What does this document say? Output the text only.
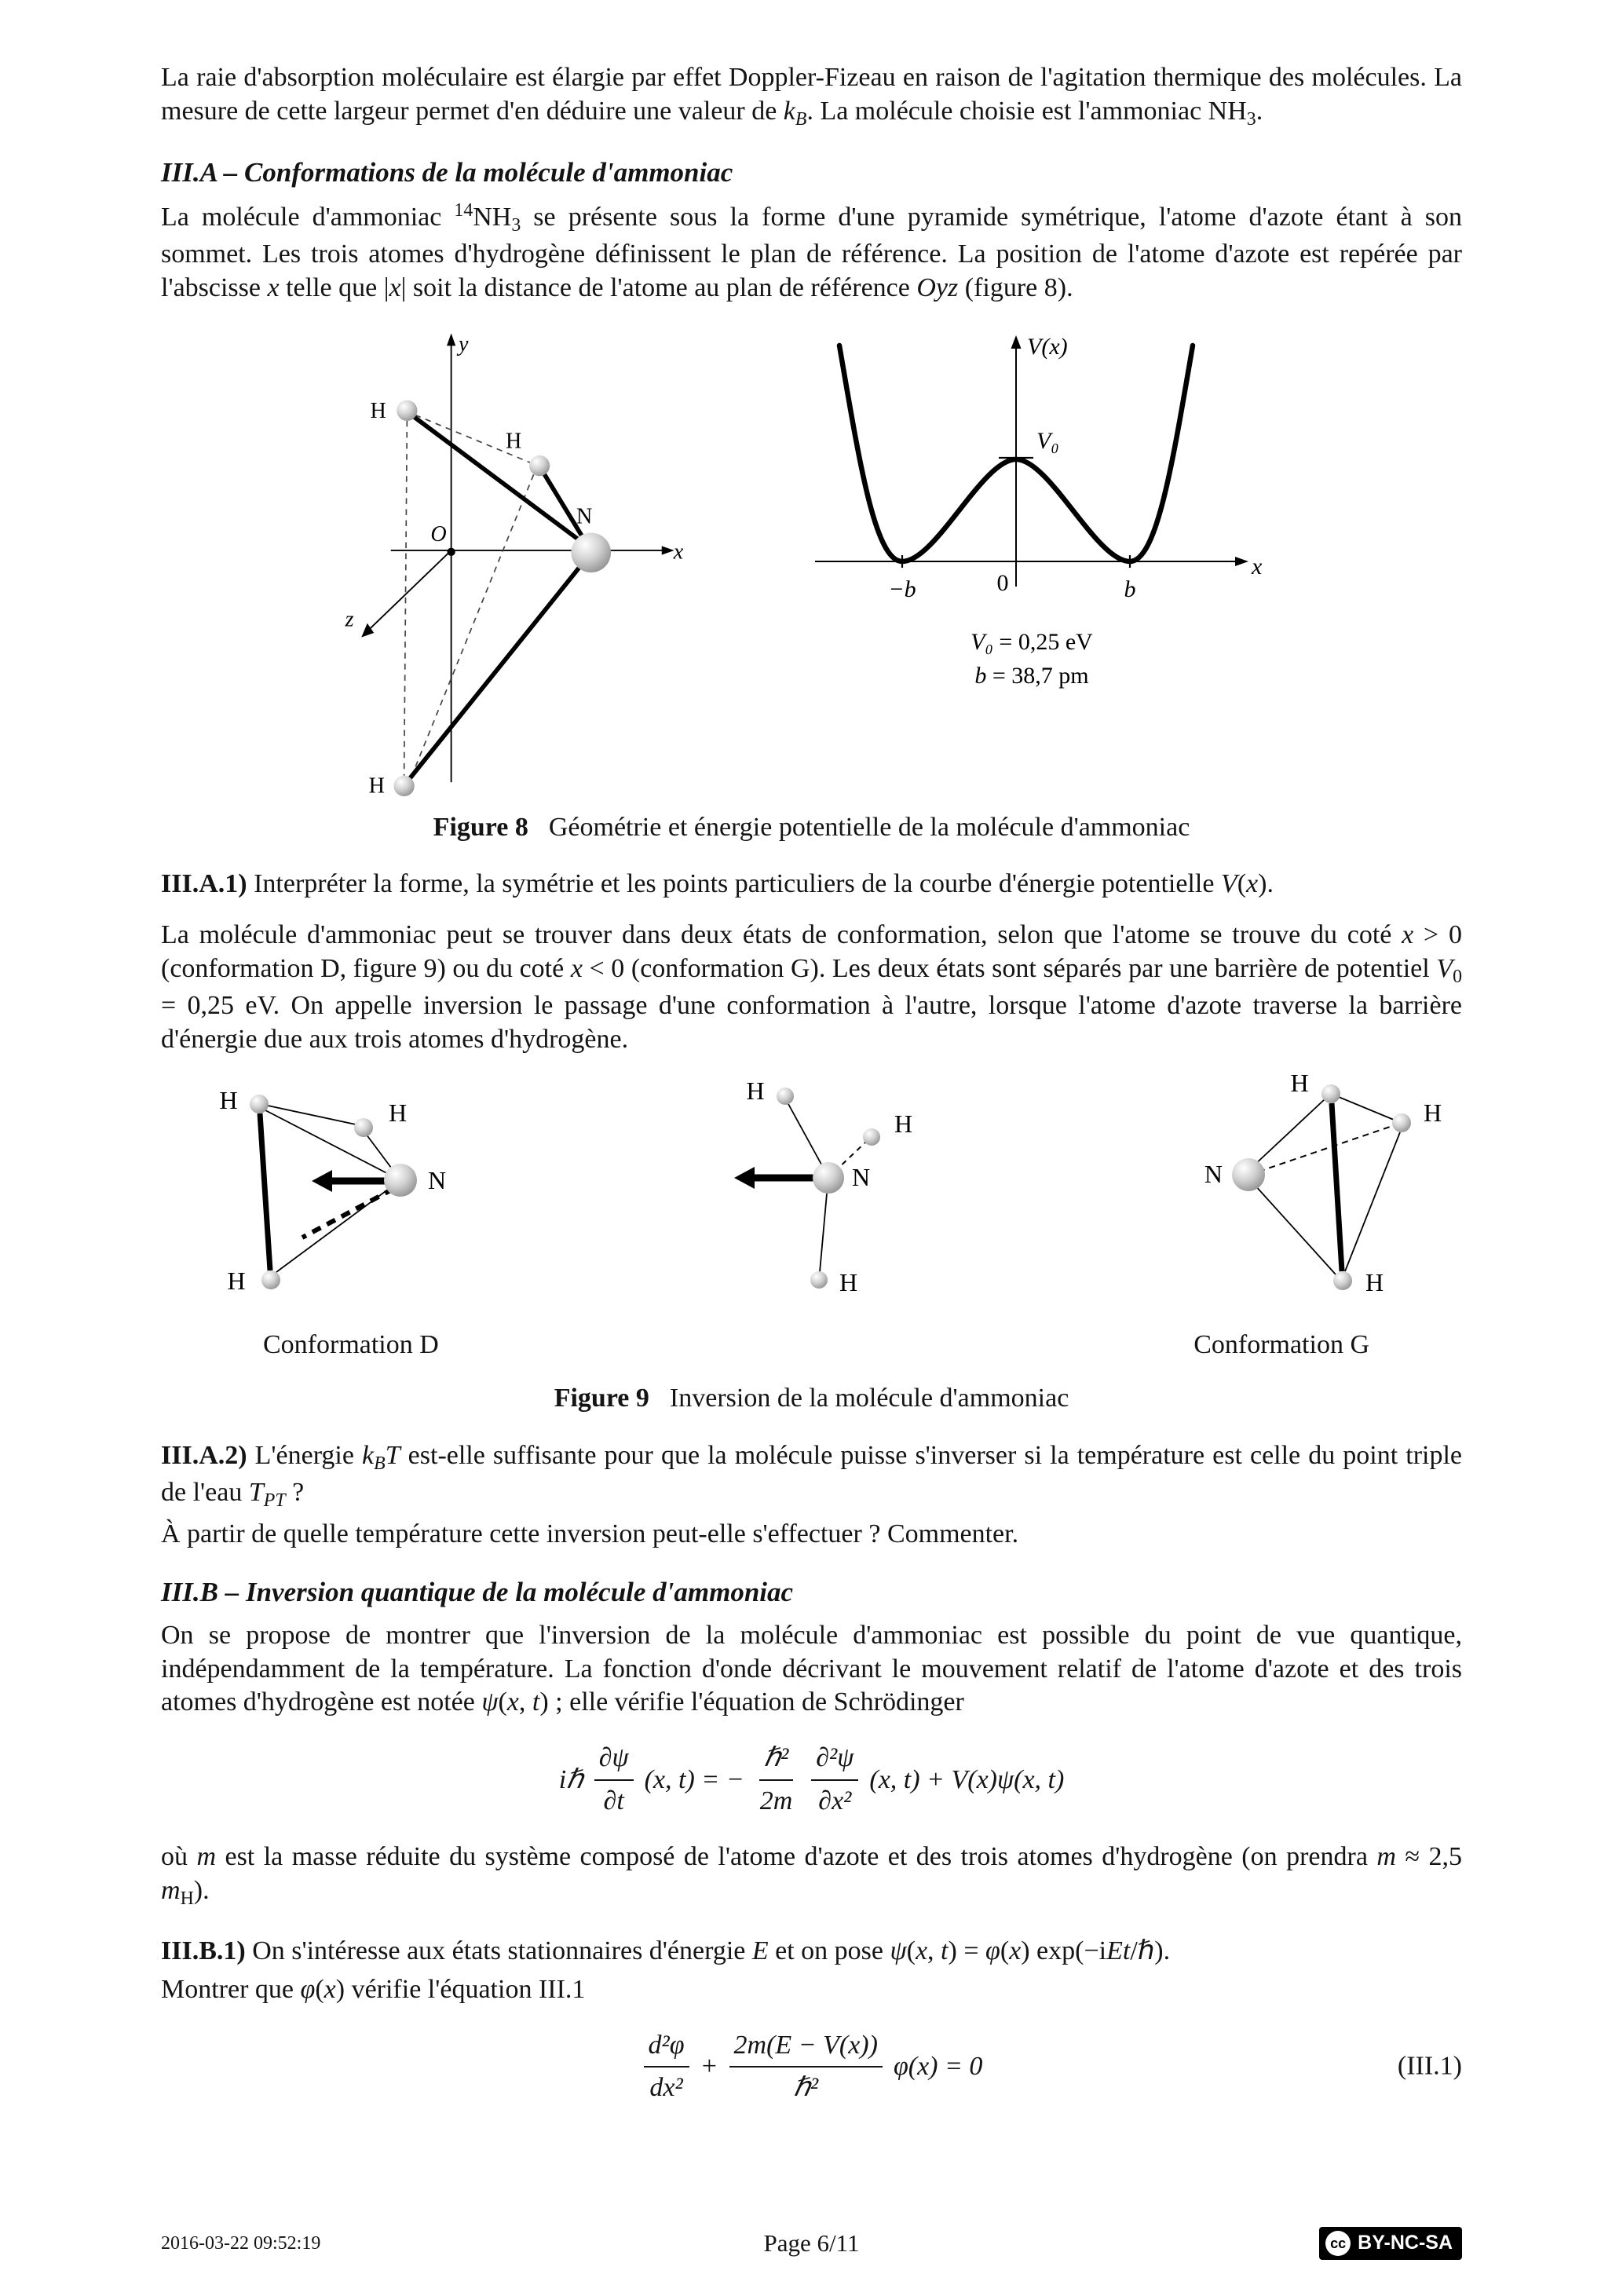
La raie d'absorption moléculaire est élargie par effet Doppler-Fizeau en raison de l'agitation thermique des molécules. La mesure de cette largeur permet d'en déduire une valeur de $k_B$. La molécule choisie est l'ammoniac $NH_3$.

III.A – Conformations de la molécule d'ammoniac

La molécule d'ammoniac $^{14}NH_3$ se présente sous la forme d'une pyramide symétrique, l'atome d'azote étant à son sommet. Les trois atomes d'hydrogène définissent le plan de référence. La position de l'atome d'azote est repérée par l'abscisse x telle que |x| soit la distance de l'atome au plan de référence Oyz (figure 8).

y
x
z
O
N
H
H
H
V(x)
x
V₀
−b	0	b
V₀ = 0,25 eV
b = 38,7 pm
Figure 8 Géométrie et énergie potentielle de la molécule d'ammoniac

III.A.1) Interpréter la forme, la symétrie et les points particuliers de la courbe d'énergie potentielle V(x).

La molécule d'ammoniac peut se trouver dans deux états de conformation, selon que l'atome se trouve du coté x > 0 (conformation D, figure 9) ou du coté x < 0 (conformation G). Les deux états sont séparés par une barrière de potentiel $V_0 = 0,25$ eV. On appelle inversion le passage d'une conformation à l'autre, lorsque l'atome d'azote traverse la barrière d'énergie due aux trois atomes d'hydrogène.

H	H
H
N
H
H
H
N
H
H
H
N
Conformation D	Conformation G
Figure 9 Inversion de la molécule d'ammoniac

III.A.2) L'énergie $k_BT$ est-elle suffisante pour que la molécule puisse s'inverser si la température est celle du point triple de l'eau $T_{PT}$ ?

À partir de quelle température cette inversion peut-elle s'effectuer ? Commenter.

III.B – Inversion quantique de la molécule d'ammoniac

On se propose de montrer que l'inversion de la molécule d'ammoniac est possible du point de vue quantique, indépendamment de la température. La fonction d'onde décrivant le mouvement relatif de l'atome d'azote et des trois atomes d'hydrogène est notée ψ(x, t) ; elle vérifie l'équation de Schrödinger

iℏ $\frac{\partial\psi}{\partial t} (x$, t) = − $\frac{\text{ℏ²}}{2m} \frac{\text{∂²ψ}}{\text{∂x²}} (x$, t) + V(x)ψ(x, t)

où m est la masse réduite du système composé de l'atome d'azote et des trois atomes d'hydrogène (on prendra m ≈ 2,5 $m_H$).

III.B.1) On s'intéresse aux états stationnaires d'énergie E et on pose ψ(x, t) = φ(x) exp(−iEt/ℏ).

Montrer que φ(x) vérifie l'équation III.1

$\frac{\text{d²φ}}{\text{dx²}} + \frac{2m(E - V(x))}{\text{ℏ²}} \varphi(x) = 0$	(III.1)
2016-03-22 09:52:19	Page 6/11	cc BY-NC-SA
